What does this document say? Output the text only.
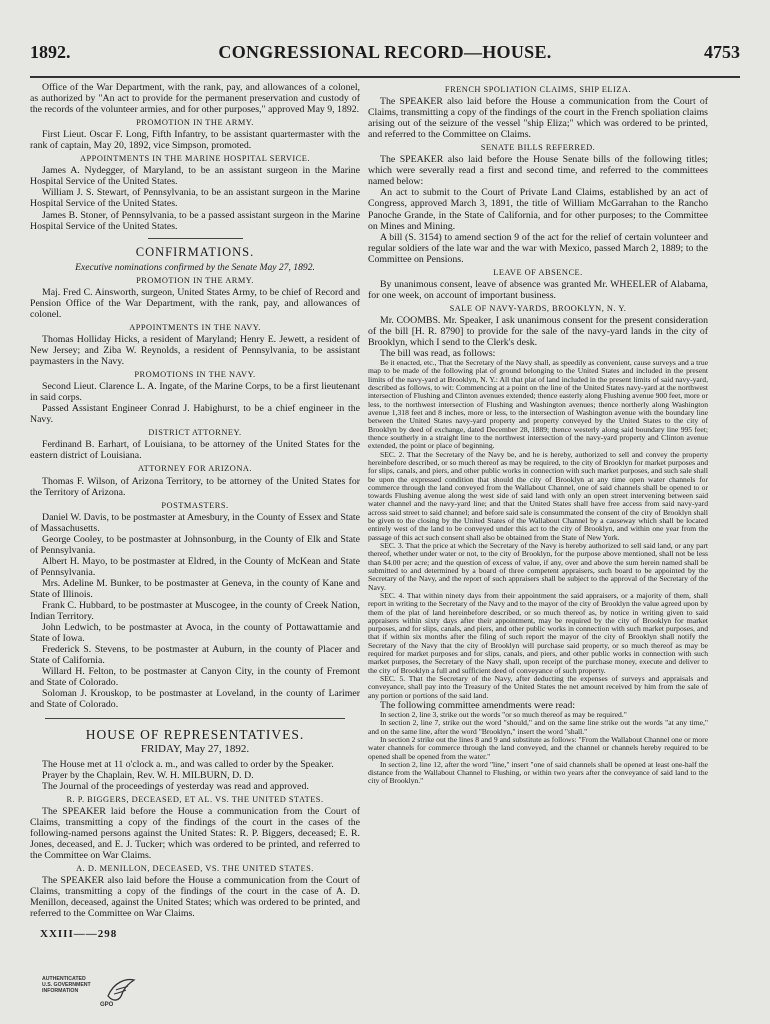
1892.	CONGRESSIONAL RECORD—HOUSE.	4753

Office of the War Department, with the rank, pay, and allowances of a colonel, as authorized by "An act to provide for the permanent preservation and custody of the records of the volunteer armies, and for other purposes," approved May 9, 1892.

PROMOTION IN THE ARMY.

First Lieut. Oscar F. Long, Fifth Infantry, to be assistant quartermaster with the rank of captain, May 20, 1892, vice Simpson, promoted.

APPOINTMENTS IN THE MARINE HOSPITAL SERVICE.

James A. Nydegger, of Maryland, to be an assistant surgeon in the Marine Hospital Service of the United States.

William J. S. Stewart, of Pennsylvania, to be an assistant surgeon in the Marine Hospital Service of the United States.

James B. Stoner, of Pennsylvania, to be a passed assistant surgeon in the Marine Hospital Service of the United States.

CONFIRMATIONS.

Executive nominations confirmed by the Senate May 27, 1892.

PROMOTION IN THE ARMY.

Maj. Fred C. Ainsworth, surgeon, United States Army, to be chief of Record and Pension Office of the War Department, with the rank, pay, and allowances of colonel.

APPOINTMENTS IN THE NAVY.

Thomas Holliday Hicks, a resident of Maryland; Henry E. Jewett, a resident of New Jersey; and Ziba W. Reynolds, a resident of Pennsylvania, to be assistant paymasters in the Navy.

PROMOTIONS IN THE NAVY.

Second Lieut. Clarence L. A. Ingate, of the Marine Corps, to be a first lieutenant in said corps.

Passed Assistant Engineer Conrad J. Habighurst, to be a chief engineer in the Navy.

DISTRICT ATTORNEY.

Ferdinand B. Earhart, of Louisiana, to be attorney of the United States for the eastern district of Louisiana.

ATTORNEY FOR ARIZONA.

Thomas F. Wilson, of Arizona Territory, to be attorney of the United States for the Territory of Arizona.

POSTMASTERS.

Daniel W. Davis, to be postmaster at Amesbury, in the County of Essex and State of Massachusetts.

George Cooley, to be postmaster at Johnsonburg, in the County of Elk and State of Pennsylvania.

Albert H. Mayo, to be postmaster at Eldred, in the County of McKean and State of Pennsylvania.

Mrs. Adeline M. Bunker, to be postmaster at Geneva, in the county of Kane and State of Illinois.

Frank C. Hubbard, to be postmaster at Muscogee, in the county of Creek Nation, Indian Territory.

John Ledwich, to be postmaster at Avoca, in the county of Pottawattamie and State of Iowa.

Frederick S. Stevens, to be postmaster at Auburn, in the county of Placer and State of California.

Willard H. Felton, to be postmaster at Canyon City, in the county of Fremont and State of Colorado.

Soloman J. Krouskop, to be postmaster at Loveland, in the county of Larimer and State of Colorado.

HOUSE OF REPRESENTATIVES.

FRIDAY, May 27, 1892.

The House met at 11 o'clock a. m., and was called to order by the Speaker.

Prayer by the Chaplain, Rev. W. H. MILBURN, D. D.

The Journal of the proceedings of yesterday was read and approved.

R. P. BIGGERS, DECEASED, ET AL. VS. THE UNITED STATES.

The SPEAKER laid before the House a communication from the Court of Claims, transmitting a copy of the findings of the court in the cases of the following-named persons against the United States: R. P. Biggers, deceased; E. R. Jones, deceased, and E. J. Tucker; which was ordered to be printed, and referred to the Committee on War Claims.

A. D. MENILLON, DECEASED, VS. THE UNITED STATES.

The SPEAKER also laid before the House a communication from the Court of Claims, transmitting a copy of the findings of the court in the case of A. D. Menillon, deceased, against the United States; which was ordered to be printed, and referred to the Committee on War Claims.

XXIII——298

FRENCH SPOLIATION CLAIMS, SHIP ELIZA.

The SPEAKER also laid before the House a communication from the Court of Claims, transmitting a copy of the findings of the court in the French spoliation claims arising out of the seizure of the vessel "ship Eliza;" which was ordered to be printed, and referred to the Committee on Claims.

SENATE BILLS REFERRED.

The SPEAKER also laid before the House Senate bills of the following titles; which were severally read a first and second time, and referred to the committees named below:

An act to submit to the Court of Private Land Claims, established by an act of Congress, approved March 3, 1891, the title of William McGarrahan to the Rancho Panoche Grande, in the State of California, and for other purposes; to the Committee on Mines and Mining.

A bill (S. 3154) to amend section 9 of the act for the relief of certain volunteer and regular soldiers of the late war and the war with Mexico, passed March 2, 1889; to the Committee on Pensions.

LEAVE OF ABSENCE.

By unanimous consent, leave of absence was granted Mr. WHEELER of Alabama, for one week, on account of important business.

SALE OF NAVY-YARDS, BROOKLYN, N. Y.

Mr. COOMBS. Mr. Speaker, I ask unanimous consent for the present consideration of the bill [H. R. 8790] to provide for the sale of the navy-yard lands in the city of Brooklyn, which I send to the Clerk's desk.

The bill was read, as follows:

Be it enacted, etc., That the Secretary of the Navy shall, as speedily as convenient, cause surveys and a true map to be made of the following plat of ground belonging to the United States and included in the present limits of the navy-yard at Brooklyn, N. Y.: All that plat of land included in the present limits of said navy-yard, described as follows, to wit: Commencing at a point on the line of the United States navy-yard at the northwest intersection of Flushing and Clinton avenues extended; thence easterly along Flushing avenue 900 feet, more or less, to the northwest intersection of Flushing and Washington avenues; thence northerly along Washington avenue 1,318 feet and 8 inches, more or less, to the intersection of Washington avenue with the boundary line between the United States navy-yard property and property conveyed by the United States to the city of Brooklyn by deed of exchange, dated December 28, 1889; thence westerly along said boundary line 995 feet; thence southerly in a straight line to the northwest intersection of the navy-yard property and Clinton avenue extended, the point or place of beginning.

SEC. 2. That the Secretary of the Navy be, and he is hereby, authorized to sell and convey the property hereinbefore described, or so much thereof as may be required, to the city of Brooklyn for market purposes and for slips, canals, and piers, and other public works in connection with such market purposes, and such sale shall be upon the expressed condition that should the city of Brooklyn at any time open water channels for commerce through the land conveyed from the Wallabout Channel, one of said channels shall be opened to or towards Flushing avenue along the west side of said land with only an open street intervening between said water channel and the navy-yard line; and that the United States shall have free access from said navy-yard across said street to said channel; and before said sale is consummated the consent of the city of Brooklyn shall be given to the closing by the United States of the Wallabout Channel by a causeway which shall be located entirely west of the land to be conveyed under this act to the city of Brooklyn, and within one year from the passage of this act such consent shall also be obtained from the State of New York.

SEC. 3. That the price at which the Secretary of the Navy is hereby authorized to sell said land, or any part thereof, whether under water or not, to the city of Brooklyn, for the purpose above mentioned, shall not be less than $4.00 per acre; and the question of excess of value, if any, over and above the sum herein named shall be submitted to and determined by a board of three competent appraisers, such board to be appointed by the Secretary of the Navy, and the report of such appraisers shall be subject to the approval of the Secretary of the Navy.

SEC. 4. That within ninety days from their appointment the said appraisers, or a majority of them, shall report in writing to the Secretary of the Navy and to the mayor of the city of Brooklyn the value agreed upon by them of the plat of land hereinbefore described, or so much thereof as, by notice in writing given to said appraisers within sixty days after their appointment, may be required by the city of Brooklyn for market purposes, and for slips, canals, and piers, and other public works in connection with such market purposes, and that if within six months after the filing of such report the mayor of the city of Brooklyn shall notify the Secretary of the Navy that the city of Brooklyn will purchase said property, or so much thereof as may be required for market purposes and for slips, canals, and piers, and other public works in connection with such market purposes, the Secretary of the Navy shall, upon receipt of the purchase money, execute and deliver to the city of Brooklyn a full and sufficient deed of conveyance of such property.

SEC. 5. That the Secretary of the Navy, after deducting the expenses of surveys and appraisals and conveyance, shall pay into the Treasury of the United States the net amount received by him from the sale of any portion or portions of the said land.

The following committee amendments were read:

In section 2, line 3, strike out the words "or so much thereof as may be required."

In section 2, line 7, strike out the word "should," and on the same line strike out the words "at any time," and on the same line, after the word "Brooklyn," insert the word "shall."

In section 2 strike out the lines 8 and 9 and substitute as follows: "From the Wallabout Channel one or more water channels for commerce through the land conveyed, and the channel or channels hereby required to be opened shall be opened from the water."

In section 2, line 12, after the word "line," insert "one of said channels shall be opened at least one-half the distance from the Wallabout Channel to Flushing, or within two years after the conveyance of said land to the city of Brooklyn."

AUTHENTICATED
U.S. GOVERNMENT
INFORMATION
GPO
